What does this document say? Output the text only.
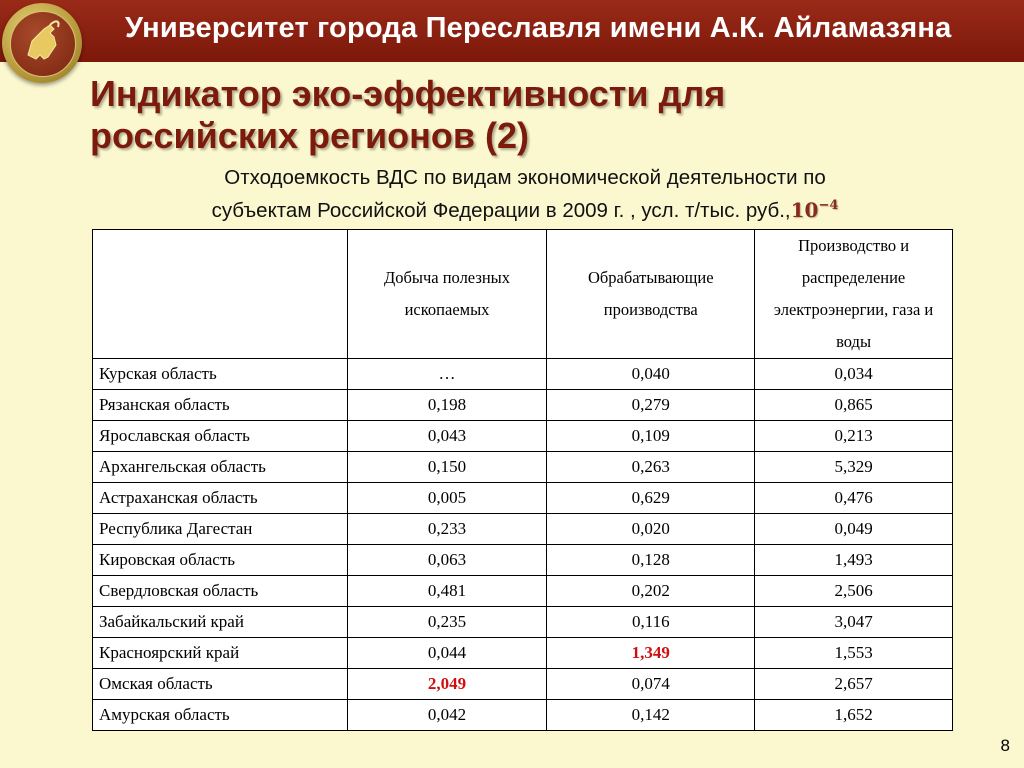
Университет города Переславля имени А.К. Айламазяна
Индикатор эко-эффективности для
российских регионов (2)
Отходоемкость ВДС по видам экономической деятельности по
субъектам Российской Федерации в 2009 г. , усл. т/тыс. $руб.,10^{-4}$
	Добыча полезных ископаемых	Обрабатывающие производства	Производство и распределение электроэнергии, газа и воды
Курская область	…	0,040	0,034
Рязанская область	0,198	0,279	0,865
Ярославская область	0,043	0,109	0,213
Архангельская область	0,150	0,263	5,329
Астраханская область	0,005	0,629	0,476
Республика Дагестан	0,233	0,020	0,049
Кировская область	0,063	0,128	1,493
Свердловская область	0,481	0,202	2,506
Забайкальский край	0,235	0,116	3,047
Красноярский край	0,044	1,349	1,553
Омская область	2,049	0,074	2,657
Амурская область	0,042	0,142	1,652
8
